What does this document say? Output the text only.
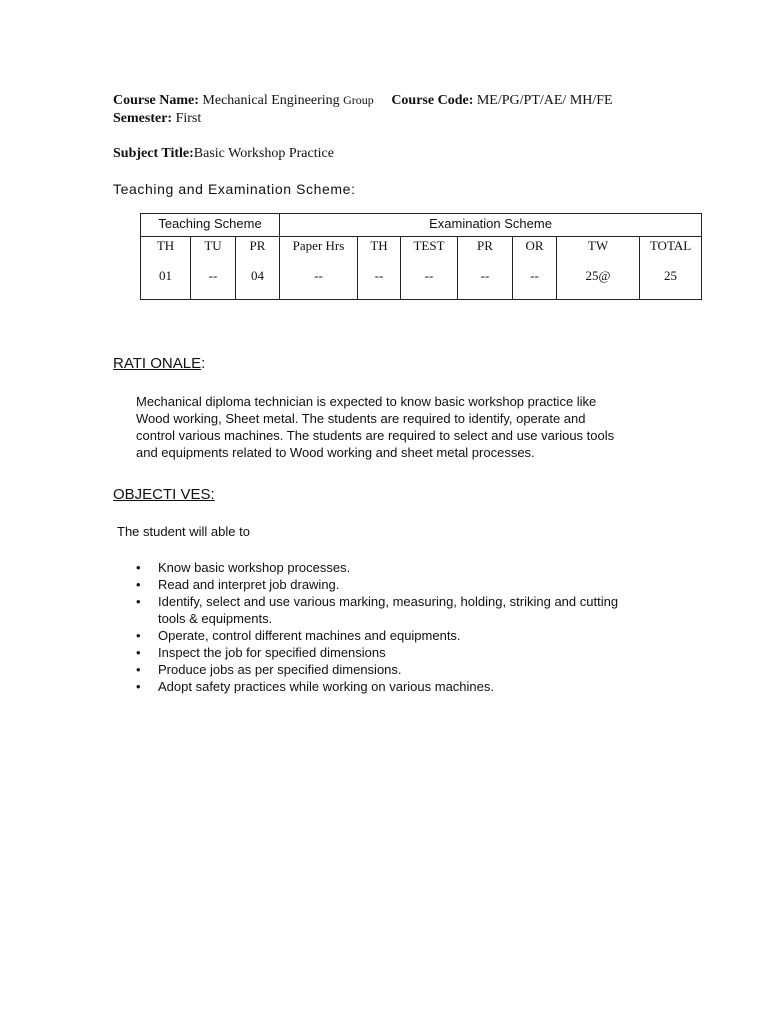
Course Name: Mechanical Engineering Group Course Code: ME/PG/PT/AE/ MH/FE
Semester: First
Subject Title:Basic Workshop Practice
Teaching and Examination Scheme:
Teaching Scheme			Examination Scheme						
TH	TU	PR	Paper Hrs	TH	TEST	PR	OR	TW	TOTAL
01	--	04	--	--	--	--	--	25@	25
RATI ONALE:
Mechanical diploma technician is expected to know basic workshop practice like
Wood working, Sheet metal. The students are required to identify, operate and
control various machines. The students are required to select and use various tools
and equipments related to Wood working and sheet metal processes.
OBJECTI VES:
The student will able to
• Know basic workshop processes.
• Read and interpret job drawing.
• Identify, select and use various marking, measuring, holding, striking and cutting
tools & equipments.
• Operate, control different machines and equipments.
• Inspect the job for specified dimensions
• Produce jobs as per specified dimensions.
• Adopt safety practices while working on various machines.
